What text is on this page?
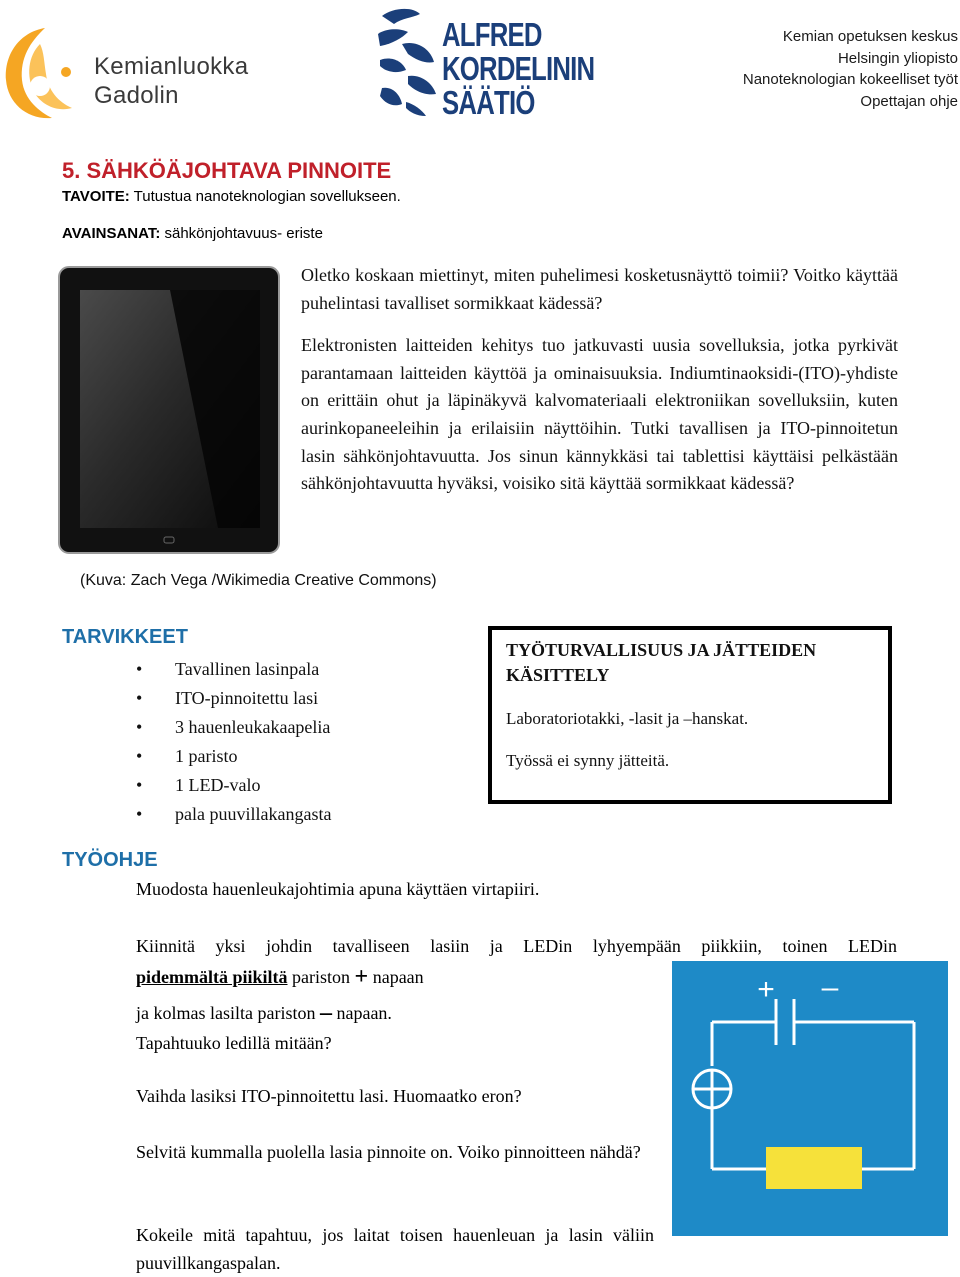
Kemianluokka
Gadolin
ALFRED
KORDELININ
SÄÄTIÖ
Kemian opetuksen keskus
Helsingin yliopisto
Nanoteknologian kokeelliset työt
Opettajan ohje
5. SÄHKÖÄJOHTAVA PINNOITE
TAVOITE: Tutustua nanoteknologian sovellukseen.
AVAINSANAT: sähkönjohtavuus- eriste

Oletko koskaan miettinyt, miten puhelimesi kosketusnäyttö toimii? Voitko käyttää puhelintasi tavalliset sormikkaat kädessä?

Elektronisten laitteiden kehitys tuo jatkuvasti uusia sovelluksia, jotka pyrkivät parantamaan laitteiden käyttöä ja ominaisuuksia. Indiumtinaoksidi-(ITO)-yhdiste on erittäin ohut ja läpinäkyvä kalvomateriaali elektroniikan sovelluksiin, kuten aurinkopaneeleihin ja erilaisiin näyttöihin. Tutki tavallisen ja ITO-pinnoitetun lasin sähkönjohtavuutta. Jos sinun kännykkäsi tai tablettisi käyttäisi pelkästään sähkönjohtavuutta hyväksi, voisiko sitä käyttää sormikkaat kädessä?

(Kuva: Zach Vega /Wikimedia Creative Commons)
TARVIKKEET
• Tavallinen lasinpala
• ITO-pinnoitettu lasi
• 3 hauenleukakaapelia
• 1 paristo
• 1 LED-valo
• pala puuvillakangasta
TYÖTURVALLISUUS JA JÄTTEIDEN KÄSITTELY

Laboratoriotakki, -lasit ja –hanskat.

Työssä ei synny jätteitä.

TYÖOHJE
Muodosta hauenleukajohtimia apuna käyttäen virtapiiri.
Kiinnitä yksi johdin tavalliseen lasiin ja LEDin lyhyempään piikkiin, toinen LEDin
pidemmältä piikiltä pariston + napaan
ja kolmas lasilta pariston – napaan.
Tapahtuuko ledillä mitään?
Vaihda lasiksi ITO-pinnoitettu lasi. Huomaatko eron?
Selvitä kummalla puolella lasia pinnoite on. Voiko pinnoitteen nähdä?
Kokeile mitä tapahtuu, jos laitat toisen hauenleuan ja lasin väliin puuvillkangaspalan.
+ –
